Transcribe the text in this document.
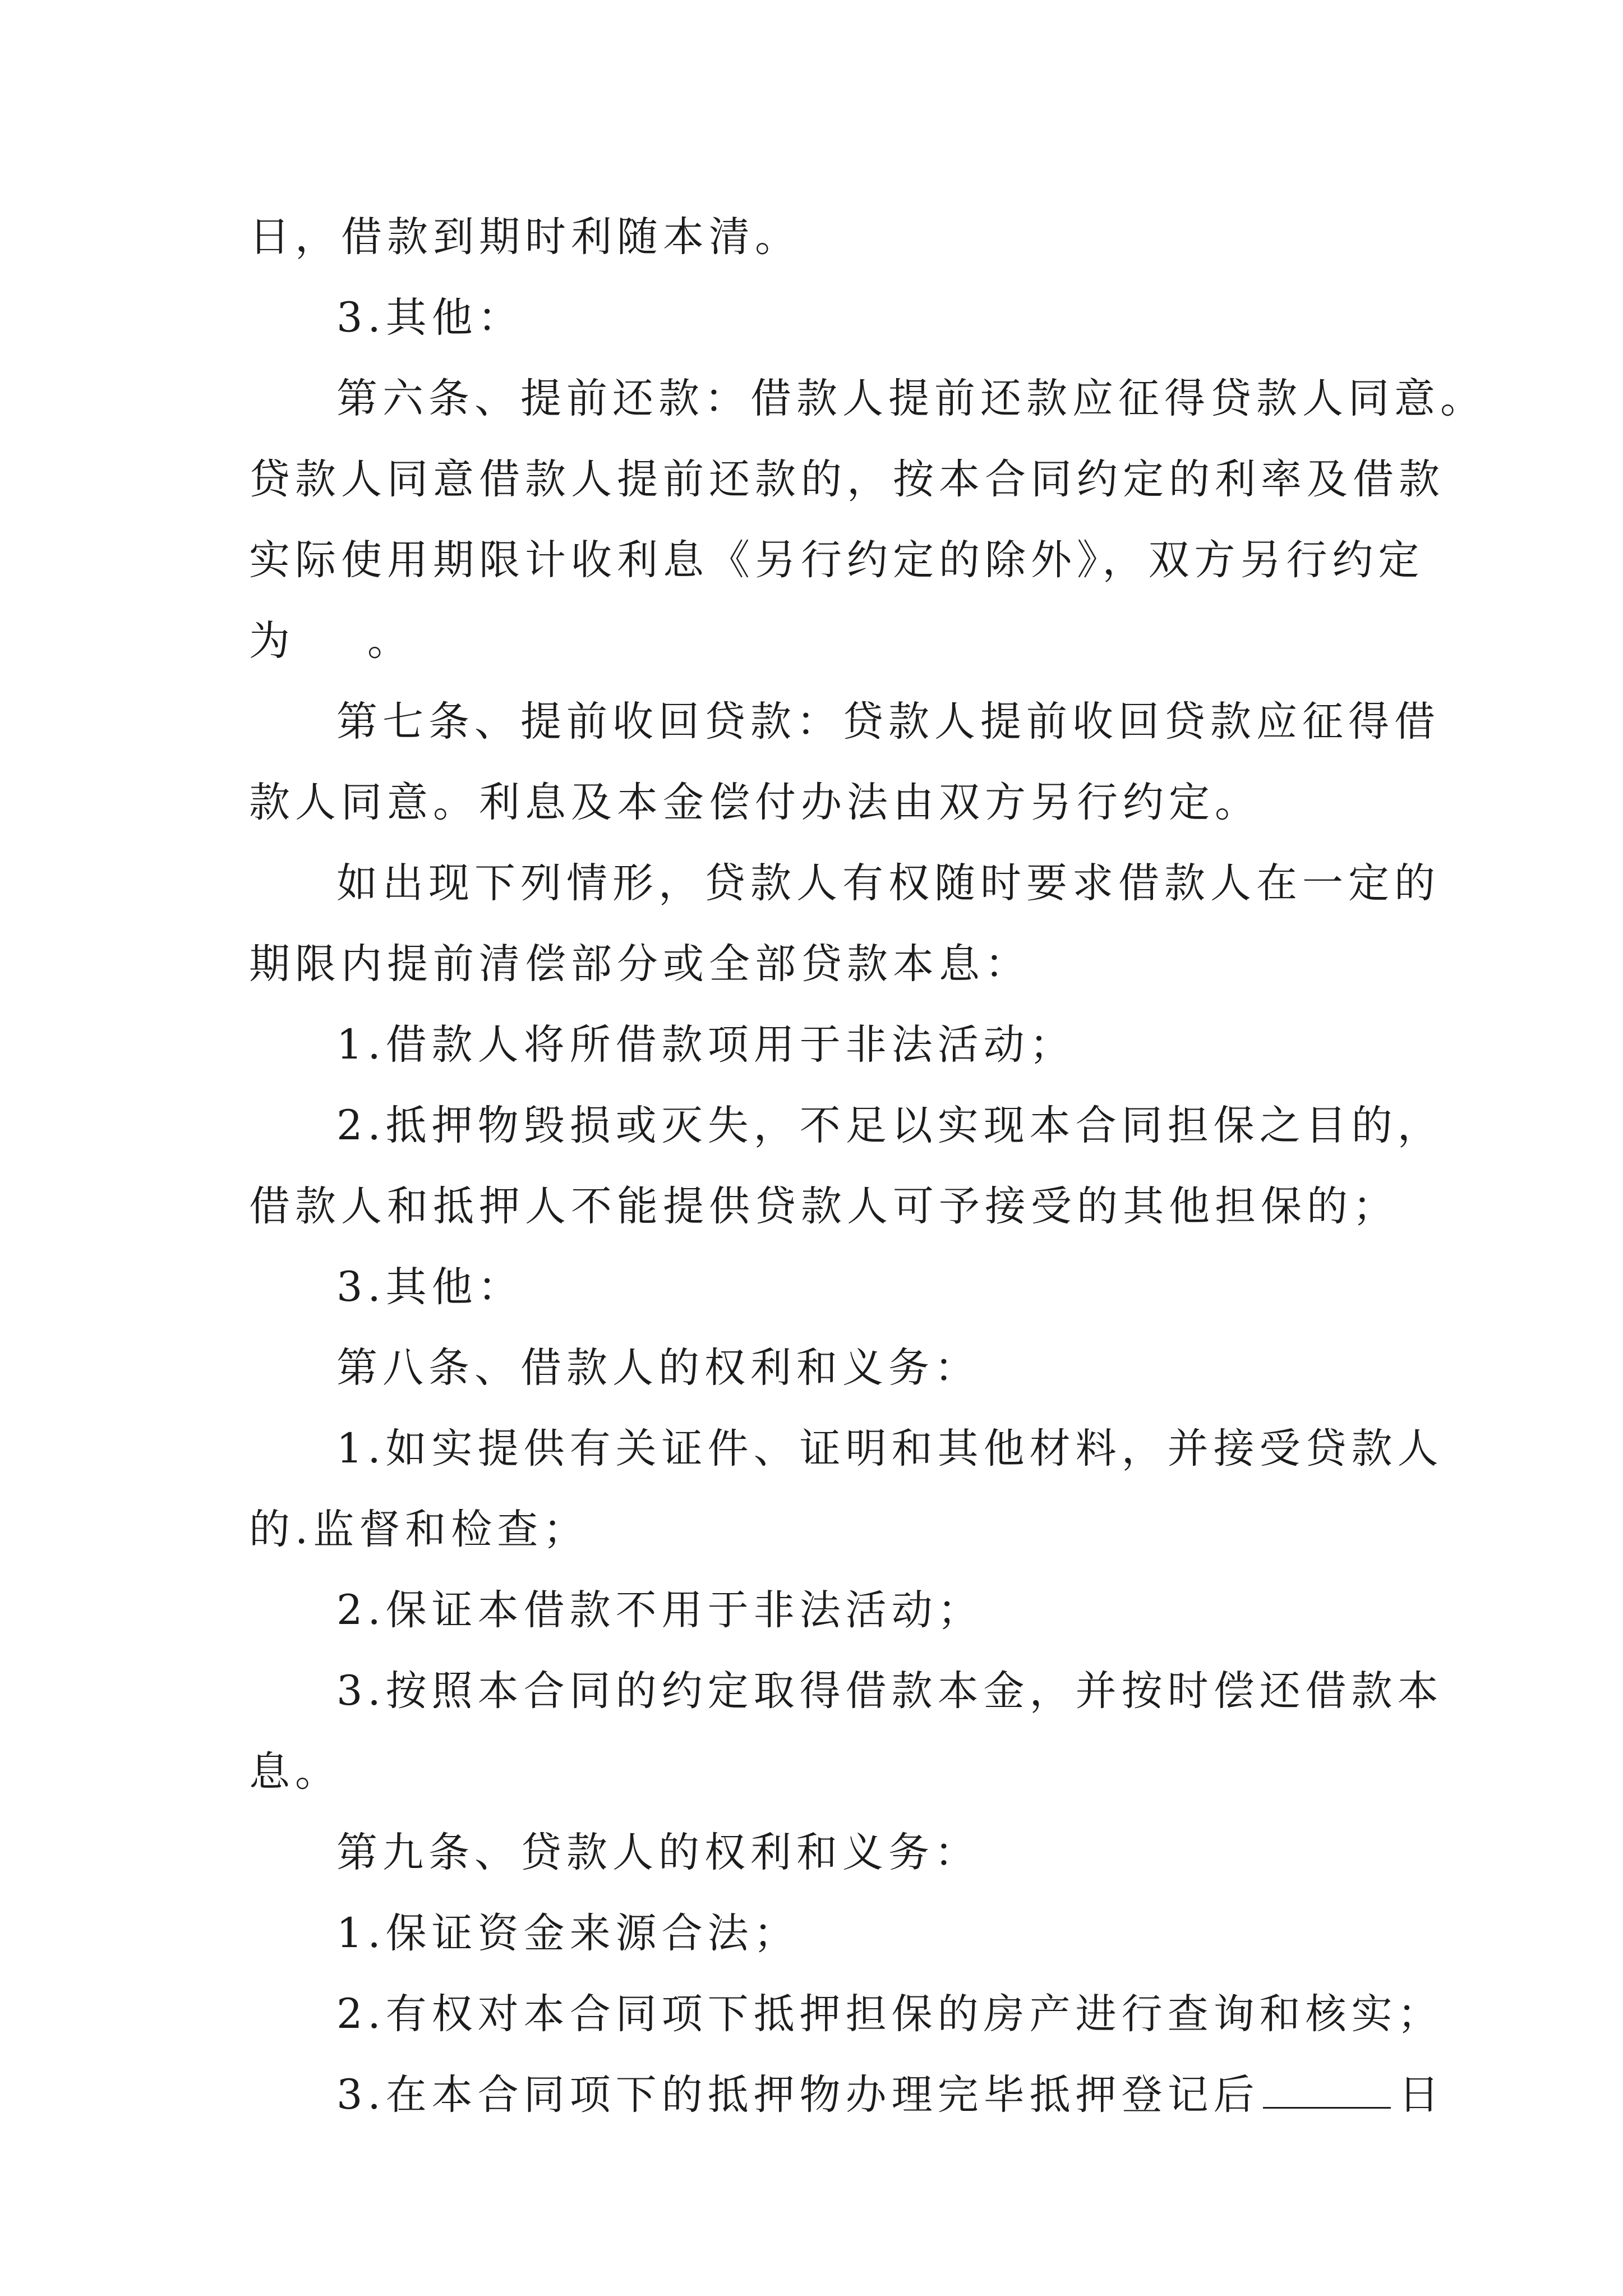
日，借款到期时利随本清。
3.其他：
第六条、提前还款：借款人提前还款应征得贷款人同意。
贷款人同意借款人提前还款的，按本合同约定的利率及借款
实际使用期限计收利息《另行约定的除外》，双方另行约定
为    。
第七条、提前收回贷款：贷款人提前收回贷款应征得借
款人同意。利息及本金偿付办法由双方另行约定。
如出现下列情形，贷款人有权随时要求借款人在一定的
期限内提前清偿部分或全部贷款本息：
1.借款人将所借款项用于非法活动；
2.抵押物毁损或灭失，不足以实现本合同担保之目的，
借款人和抵押人不能提供贷款人可予接受的其他担保的；
3.其他：
第八条、借款人的权利和义务：
1.如实提供有关证件、证明和其他材料，并接受贷款人
的.监督和检查；
2.保证本借款不用于非法活动；
3.按照本合同的约定取得借款本金，并按时偿还借款本
息。
第九条、贷款人的权利和义务：
1.保证资金来源合法；
2.有权对本合同项下抵押担保的房产进行查询和核实；
3.在本合同项下的抵押物办理完毕抵押登记后	日
